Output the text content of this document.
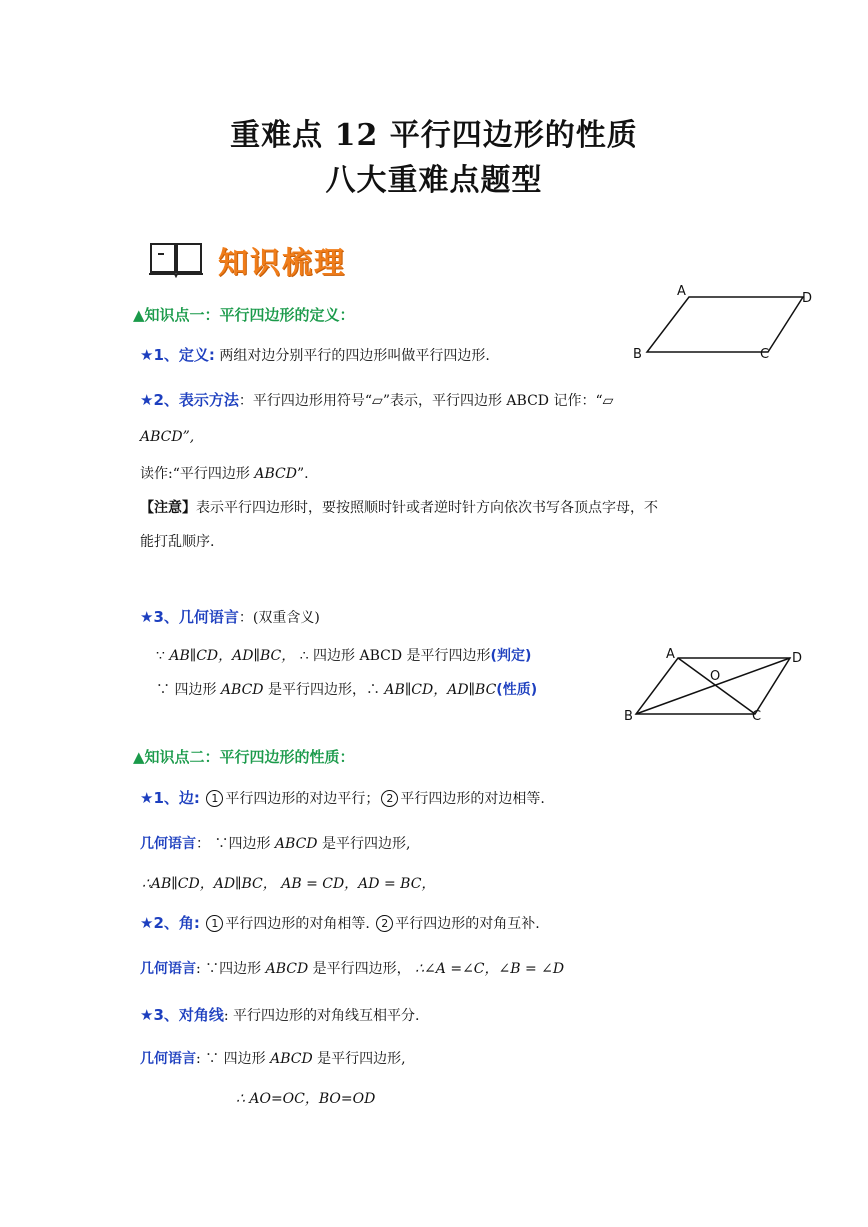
重难点 12 平行四边形的性质
八大重难点题型
知识梳理
A	D
B	C
▲知识点一：平行四边形的定义：
★1、定义: 两组对边分别平行的四边形叫做平行四边形.
★2、表示方法：平行四边形用符号“▱”表示，平行四边形 ABCD 记作：“▱
ABCD”,
读作:“平行四边形 ABCD”.
【注意】表示平行四边形时，要按照顺时针或者逆时针方向依次书写各顶点字母，不
能打乱顺序.
★3、几何语言：(双重含义)
∵ AB∥CD，AD∥BC， ∴ 四边形 ABCD 是平行四边形(判定)
∵ 四边形 ABCD 是平行四边形，∴ AB∥CD，AD∥BC(性质)
A	D
B	C
O
▲知识点二：平行四边形的性质：
★1、边: 1 平行四边形的对边平行； 2 平行四边形的对边相等.
几何语言： ∵四边形 ABCD 是平行四边形,
∴AB∥CD，AD∥BC， AB = CD，AD = BC，
★2、角: 1 平行四边形的对角相等. 2 平行四边形的对角互补.
几何语言: ∵四边形 ABCD 是平行四边形， ∴∠A =∠C，∠B = ∠D
★3、对角线: 平行四边形的对角线互相平分.
几何语言: ∵ 四边形 ABCD 是平行四边形,
∴ AO=OC，BO=OD
